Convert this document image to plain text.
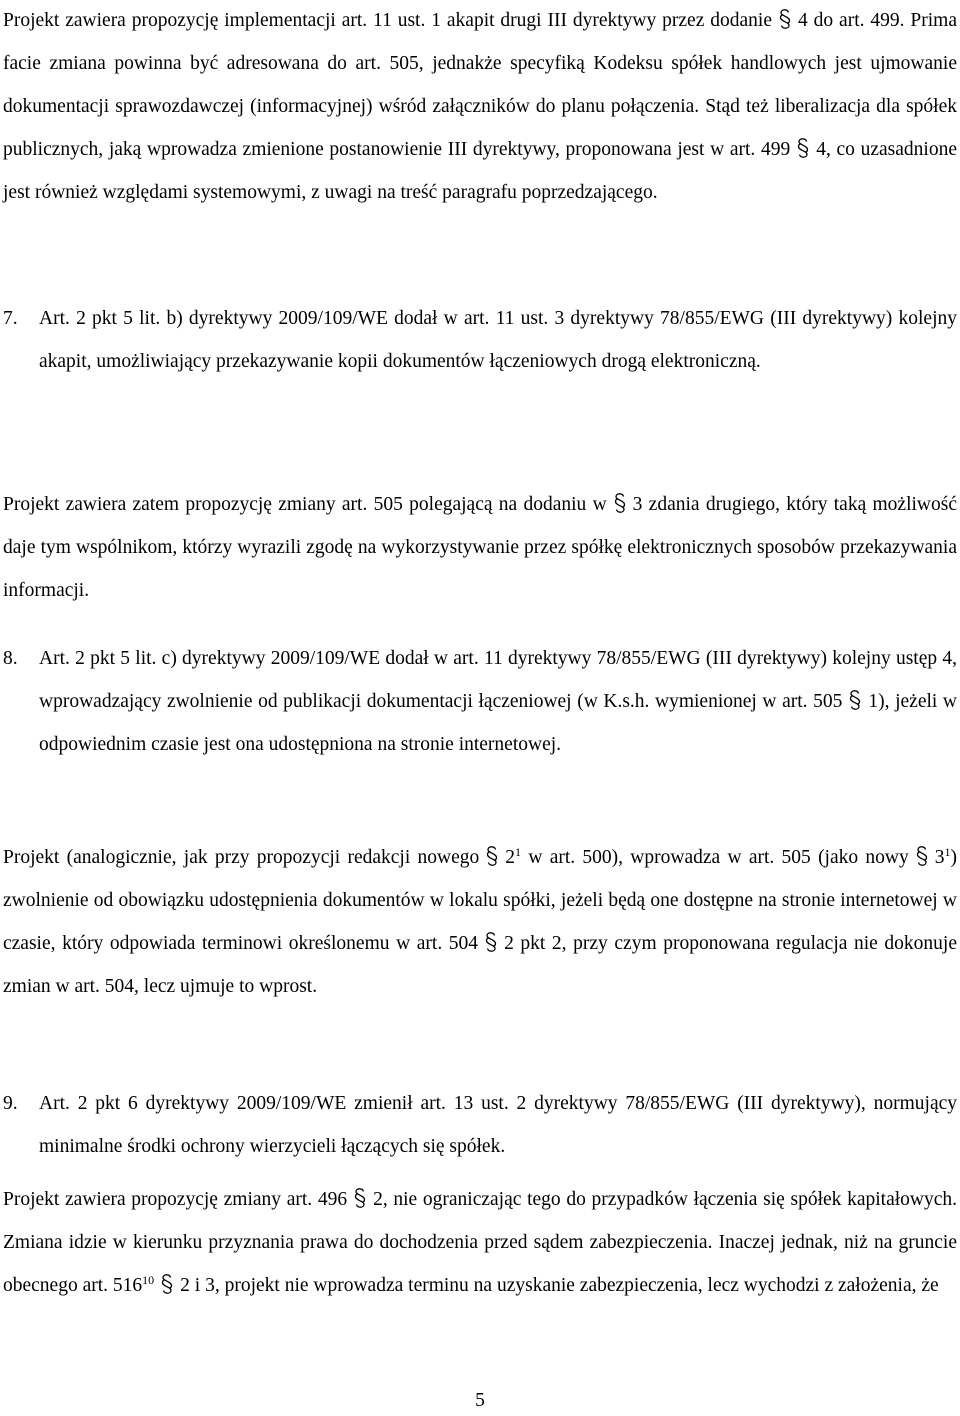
Projekt zawiera propozycję implementacji art. 11 ust. 1 akapit drugi III dyrektywy przez dodanie 4 do art. 499. Prima facie zmiana powinna być adresowana do art. 505, jednakże specyfiką Kodeksu spółek handlowych jest ujmowanie dokumentacji sprawozdawczej (informacyjnej) wśród załączników do planu połączenia. Stąd też liberalizacja dla spółek publicznych, jaką wprowadza zmienione postanowienie III dyrektywy, proponowana jest w art. 499 4, co uzasadnione jest również względami systemowymi, z uwagi na treść paragrafu poprzedzającego.

7. Art. 2 pkt 5 lit. b) dyrektywy 2009/109/WE dodał w art. 11 ust. 3 dyrektywy 78/855/EWG (III dyrektywy) kolejny akapit, umożliwiający przekazywanie kopii dokumentów łączeniowych drogą elektroniczną.

Projekt zawiera zatem propozycję zmiany art. 505 polegającą na dodaniu w 3 zdania drugiego, który taką możliwość daje tym wspólnikom, którzy wyrazili zgodę na wykorzystywanie przez spółkę elektronicznych sposobów przekazywania informacji.

8. Art. 2 pkt 5 lit. c) dyrektywy 2009/109/WE dodał w art. 11 dyrektywy 78/855/EWG (III dyrektywy) kolejny ustęp 4, wprowadzający zwolnienie od publikacji dokumentacji łączeniowej (w K.s.h. wymienionej w art. 505 1), jeżeli w odpowiednim czasie jest ona udostępniona na stronie internetowej.

Projekt (analogicznie, jak przy propozycji redakcji nowego $2^1$ w art. 500), wprowadza w art. 505 (jako nowy $3^1$) zwolnienie od obowiązku udostępnienia dokumentów w lokalu spółki, jeżeli będą one dostępne na stronie internetowej w czasie, który odpowiada terminowi określonemu w art. 504 2 pkt 2, przy czym proponowana regulacja nie dokonuje zmian w art. 504, lecz ujmuje to wprost.

9. Art. 2 pkt 6 dyrektywy 2009/109/WE zmienił art. 13 ust. 2 dyrektywy 78/855/EWG (III dyrektywy), normujący minimalne środki ochrony wierzycieli łączących się spółek.

Projekt zawiera propozycję zmiany art. 496 2, nie ograniczając tego do przypadków łączenia się spółek kapitałowych. Zmiana idzie w kierunku przyznania prawa do dochodzenia przed sądem zabezpieczenia. Inaczej jednak, niż na gruncie obecnego art. $516^{10}$ 2 i 3, projekt nie wprowadza terminu na uzyskanie zabezpieczenia, lecz wychodzi z założenia, że

5
